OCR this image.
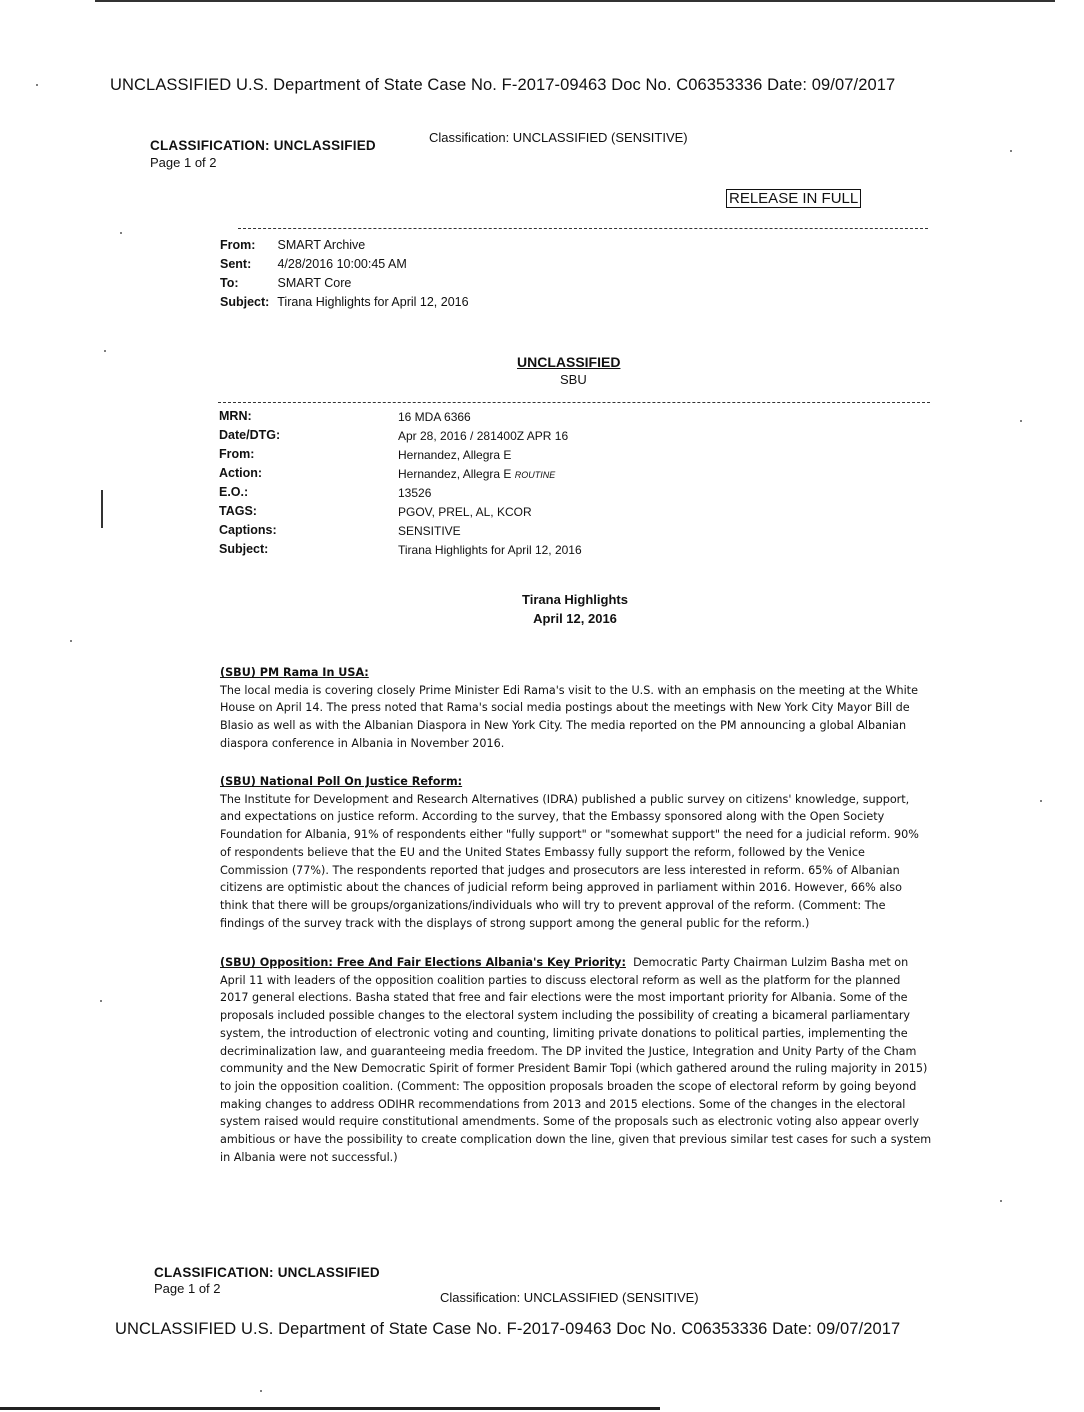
UNCLASSIFIED U.S. Department of State Case No. F-2017-09463 Doc No. C06353336 Date: 09/07/2017
CLASSIFICATION: UNCLASSIFIED
Page 1 of 2
Classification: UNCLASSIFIED (SENSITIVE)
RELEASE IN FULL
From: SMART Archive
Sent: 4/28/2016 10:00:45 AM
To:	SMART Core
Subject: Tirana Highlights for April 12, 2016
UNCLASSIFIED
SBU
MRN:	16 MDA 6366
Date/DTG:	Apr 28, 2016 / 281400Z APR 16
From:	Hernandez, Allegra E
Action:	Hernandez, Allegra E ROUTINE
E.O.:	13526
TAGS:	PGOV, PREL, AL, KCOR
Captions:	SENSITIVE
Subject:	Tirana Highlights for April 12, 2016
Tirana Highlights
April 12, 2016

(SBU) PM Rama In USA:
The local media is covering closely Prime Minister Edi Rama's visit to the U.S. with an emphasis on the meeting at the White House on April 14. The press noted that Rama's social media postings about the meetings with New York City Mayor Bill de Blasio as well as with the Albanian Diaspora in New York City. The media reported on the PM announcing a global Albanian diaspora conference in Albania in November 2016.

(SBU) National Poll On Justice Reform:
The Institute for Development and Research Alternatives (IDRA) published a public survey on citizens' knowledge, support, and expectations on justice reform. According to the survey, that the Embassy sponsored along with the Open Society Foundation for Albania, 91% of respondents either "fully support" or "somewhat support" the need for a judicial reform. 90% of respondents believe that the EU and the United States Embassy fully support the reform, followed by the Venice Commission (77%). The respondents reported that judges and prosecutors are less interested in reform. 65% of Albanian citizens are optimistic about the chances of judicial reform being approved in parliament within 2016. However, 66% also think that there will be groups/organizations/individuals who will try to prevent approval of the reform. (Comment: The findings of the survey track with the displays of strong support among the general public for the reform.)

(SBU) Opposition: Free And Fair Elections Albania's Key Priority: Democratic Party Chairman Lulzim Basha met on April 11 with leaders of the opposition coalition parties to discuss electoral reform as well as the platform for the planned 2017 general elections. Basha stated that free and fair elections were the most important priority for Albania. Some of the proposals included possible changes to the electoral system including the possibility of creating a bicameral parliamentary system, the introduction of electronic voting and counting, limiting private donations to political parties, implementing the decriminalization law, and guaranteeing media freedom. The DP invited the Justice, Integration and Unity Party of the Cham community and the New Democratic Spirit of former President Bamir Topi (which gathered around the ruling majority in 2015) to join the opposition coalition. (Comment: The opposition proposals broaden the scope of electoral reform by going beyond making changes to address ODIHR recommendations from 2013 and 2015 elections. Some of the changes in the electoral system raised would require constitutional amendments. Some of the proposals such as electronic voting also appear overly ambitious or have the possibility to create complication down the line, given that previous similar test cases for such a system in Albania were not successful.)

CLASSIFICATION: UNCLASSIFIED
Page 1 of 2
Classification: UNCLASSIFIED (SENSITIVE)
UNCLASSIFIED U.S. Department of State Case No. F-2017-09463 Doc No. C06353336 Date: 09/07/2017
